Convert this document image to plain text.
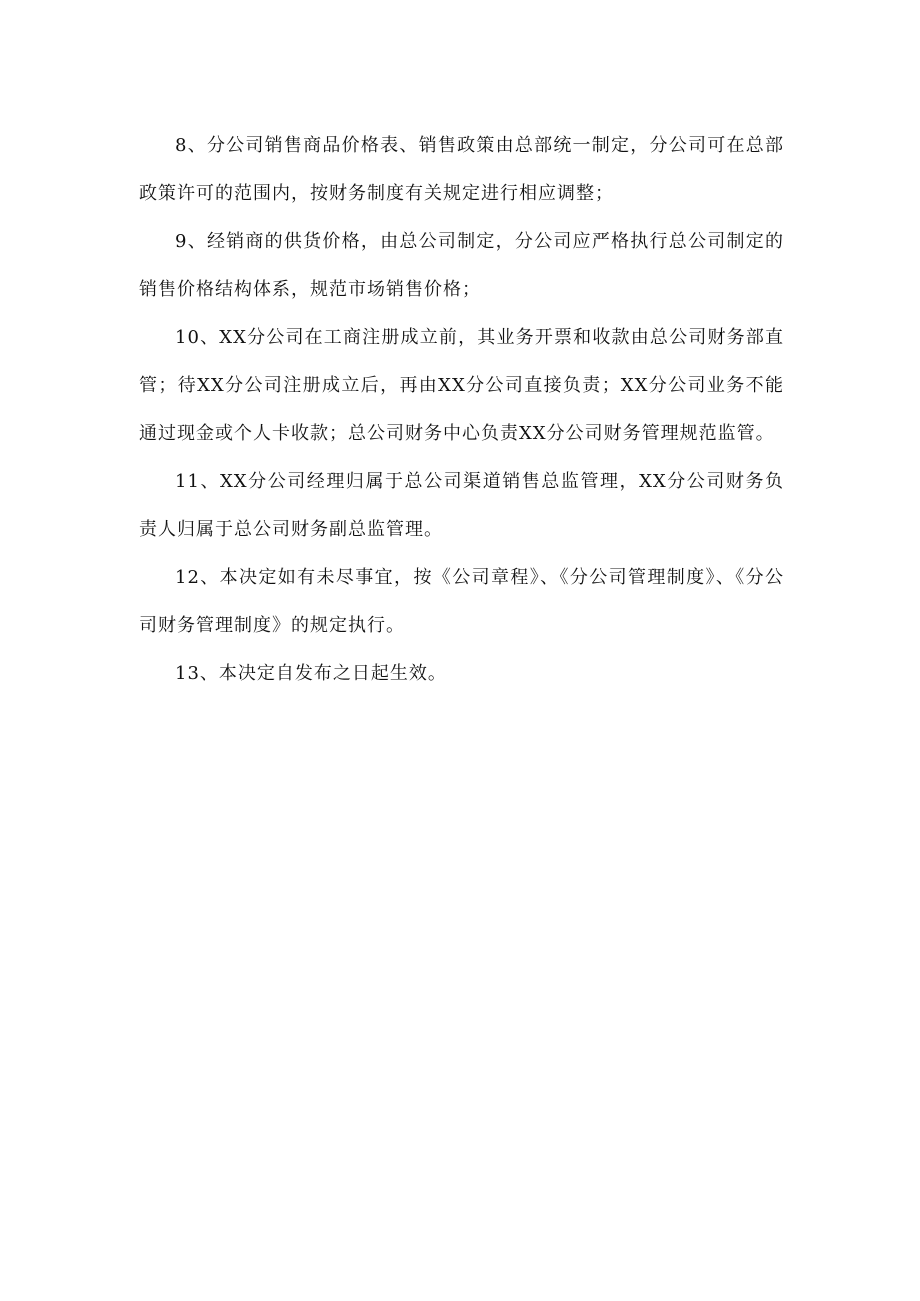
8、分公司销售商品价格表、销售政策由总部统一制定，分公司可在总部政策许可的范围内，按财务制度有关规定进行相应调整；

9、经销商的供货价格，由总公司制定，分公司应严格执行总公司制定的销售价格结构体系，规范市场销售价格；

10、XX分公司在工商注册成立前，其业务开票和收款由总公司财务部直管；待XX分公司注册成立后，再由XX分公司直接负责；XX分公司业务不能通过现金或个人卡收款；总公司财务中心负责XX分公司财务管理规范监管。

11、XX分公司经理归属于总公司渠道销售总监管理，XX分公司财务负责人归属于总公司财务副总监管理。

12、本决定如有未尽事宜，按《公司章程》、《分公司管理制度》、《分公司财务管理制度》的规定执行。

13、本决定自发布之日起生效。
